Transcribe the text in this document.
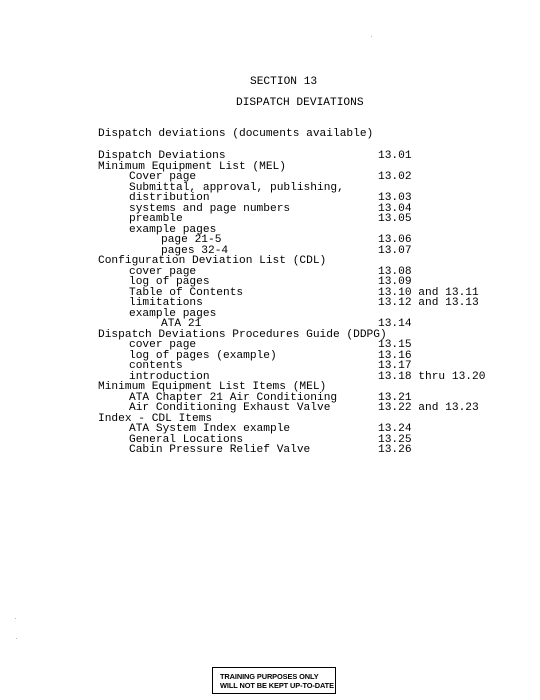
SECTION 13
DISPATCH DEVIATIONS
Dispatch deviations (documents available)
Dispatch Deviations	13.01
Minimum Equipment List (MEL)
Cover page	13.02
Submittal, approval, publishing,
distribution	13.03
systems and page numbers	13.04
preamble	13.05
example pages
page 21-5	13.06
pages 32-4	13.07
Configuration Deviation List (CDL)
cover page	13.08
log of pages	13.09
Table of Contents	13.10 and 13.11
limitations	13.12 and 13.13
example pages
ATA 21	13.14
Dispatch Deviations Procedures Guide (DDPG)
cover page	13.15
log of pages (example)	13.16
contents	13.17
introduction	13.18 thru 13.20
Minimum Equipment List Items (MEL)
ATA Chapter 21 Air Conditioning	13.21
Air Conditioning Exhaust Valve	13.22 and 13.23
Index - CDL Items
ATA System Index example	13.24
General Locations	13.25
Cabin Pressure Relief Valve	13.26
TRAINING PURPOSES ONLY
WILL NOT BE KEPT UP-TO-DATE
